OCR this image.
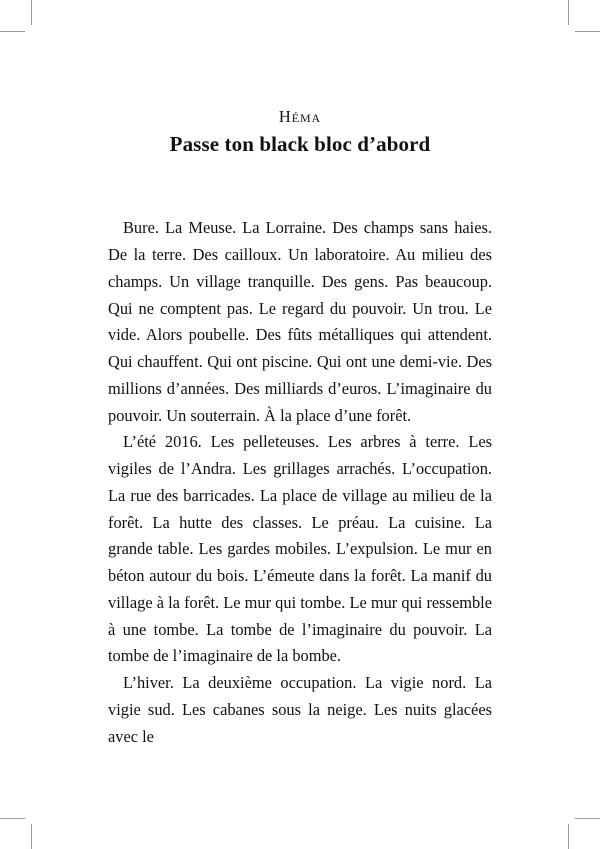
Héma
Passe ton black bloc d’abord

Bure. La Meuse. La Lorraine. Des champs sans haies. De la terre. Des cailloux. Un laboratoire. Au milieu des champs. Un village tranquille. Des gens. Pas beaucoup. Qui ne comptent pas. Le regard du pouvoir. Un trou. Le vide. Alors poubelle. Des fûts métalliques qui attendent. Qui chauffent. Qui ont piscine. Qui ont une demi-vie. Des millions d’années. Des milliards d’euros. L’imaginaire du pouvoir. Un souterrain. À la place d’une forêt.

L’été 2016. Les pelleteuses. Les arbres à terre. Les vigiles de l’Andra. Les grillages arrachés. L’occupation. La rue des barricades. La place de village au milieu de la forêt. La hutte des classes. Le préau. La cuisine. La grande table. Les gardes mobiles. L’expulsion. Le mur en béton autour du bois. L’émeute dans la forêt. La manif du village à la forêt. Le mur qui tombe. Le mur qui ressemble à une tombe. La tombe de l’imaginaire du pouvoir. La tombe de l’imaginaire de la bombe.

L’hiver. La deuxième occupation. La vigie nord. La vigie sud. Les cabanes sous la neige. Les nuits glacées avec le
